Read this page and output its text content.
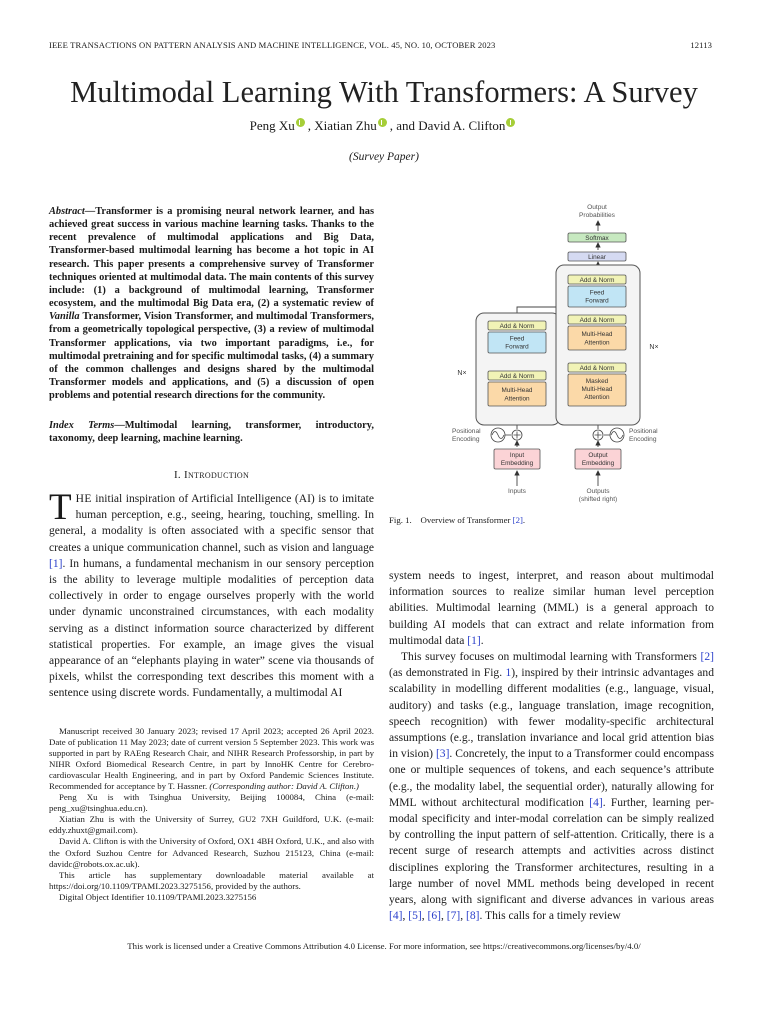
IEEE TRANSACTIONS ON PATTERN ANALYSIS AND MACHINE INTELLIGENCE, VOL. 45, NO. 10, OCTOBER 2023	12113
Multimodal Learning With Transformers: A Survey
Peng Xu , Xiatian Zhu , and David A. Clifton
(Survey Paper)
Abstract—Transformer is a promising neural network learner, and has achieved great success in various machine learning tasks. Thanks to the recent prevalence of multimodal applications and Big Data, Transformer-based multimodal learning has become a hot topic in AI research. This paper presents a comprehensive survey of Transformer techniques oriented at multimodal data. The main contents of this survey include: (1) a background of multimodal learning, Transformer ecosystem, and the multimodal Big Data era, (2) a systematic review of Vanilla Transformer, Vision Transformer, and multimodal Transformers, from a geometrically topological perspective, (3) a review of multimodal Transformer applications, via two important paradigms, i.e., for multimodal pretraining and for specific multimodal tasks, (4) a summary of the common challenges and designs shared by the multimodal Transformer models and applications, and (5) a discussion of open problems and potential research directions for the community.
Index Terms—Multimodal learning, transformer, introductory, taxonomy, deep learning, machine learning.
I. Introduction
THE initial inspiration of Artificial Intelligence (AI) is to imitate human perception, e.g., seeing, hearing, touching, smelling. In general, a modality is often associated with a specific sensor that creates a unique communication channel, such as vision and language [1]. In humans, a fundamental mechanism in our sensory perception is the ability to leverage multiple modalities of perception data collectively in order to engage ourselves properly with the world under dynamic unconstrained circumstances, with each modality serving as a distinct information source characterized by different statistical properties. For example, an image gives the visual appearance of an “elephants playing in water” scene via thousands of pixels, whilst the corresponding text describes this moment with a sentence using discrete words. Fundamentally, a multimodal AI

Manuscript received 30 January 2023; revised 17 April 2023; accepted 26 April 2023. Date of publication 11 May 2023; date of current version 5 September 2023. This work was supported in part by RAEng Research Chair, and NIHR Research Professorship, in part by NIHR Oxford Biomedical Research Centre, in part by InnoHK Centre for Cerebro-cardiovascular Health Engineering, and in part by Oxford Pandemic Sciences Institute. Recommended for acceptance by T. Hassner. (Corresponding author: David A. Clifton.)

Peng Xu is with Tsinghua University, Beijing 100084, China (e-mail: peng_xu@tsinghua.edu.cn).

Xiatian Zhu is with the University of Surrey, GU2 7XH Guildford, U.K. (e-mail: eddy.zhuxt@gmail.com).

David A. Clifton is with the University of Oxford, OX1 4BH Oxford, U.K., and also with the Oxford Suzhou Centre for Advanced Research, Suzhou 215123, China (e-mail: davidc@robots.ox.ac.uk).

This article has supplementary downloadable material available at https://doi.org/10.1109/TPAMI.2023.3275156, provided by the authors.

Digital Object Identifier 10.1109/TPAMI.2023.3275156

Add & Norm
Feed
Forward
Add & Norm
Multi-Head
Attention
Add & Norm
Feed
Forward
Add & Norm
Multi-Head
Attention
Add & Norm
Masked
Multi-Head
Attention
Linear
Softmax
Output
Probabilities
N×
N×
Positional
Encoding
Positional
Encoding
Input
Embedding
Output
Embedding
Inputs	Outputs
(shifted right)
Fig. 1. Overview of Transformer [2].

system needs to ingest, interpret, and reason about multimodal information sources to realize similar human level perception abilities. Multimodal learning (MML) is a general approach to building AI models that can extract and relate information from multimodal data [1].

This survey focuses on multimodal learning with Transformers [2] (as demonstrated in Fig. 1), inspired by their intrinsic advantages and scalability in modelling different modalities (e.g., language, visual, auditory) and tasks (e.g., language translation, image recognition, speech recognition) with fewer modality-specific architectural assumptions (e.g., translation invariance and local grid attention bias in vision) [3]. Concretely, the input to a Transformer could encompass one or multiple sequences of tokens, and each sequence’s attribute (e.g., the modality label, the sequential order), naturally allowing for MML without architectural modification [4]. Further, learning per-modal specificity and inter-modal correlation can be simply realized by controlling the input pattern of self-attention. Critically, there is a recent surge of research attempts and activities across distinct disciplines exploring the Transformer architectures, resulting in a large number of novel MML methods being developed in recent years, along with significant and diverse advances in various areas [4], [5], [6], [7], [8]. This calls for a timely review

This work is licensed under a Creative Commons Attribution 4.0 License. For more information, see https://creativecommons.org/licenses/by/4.0/
